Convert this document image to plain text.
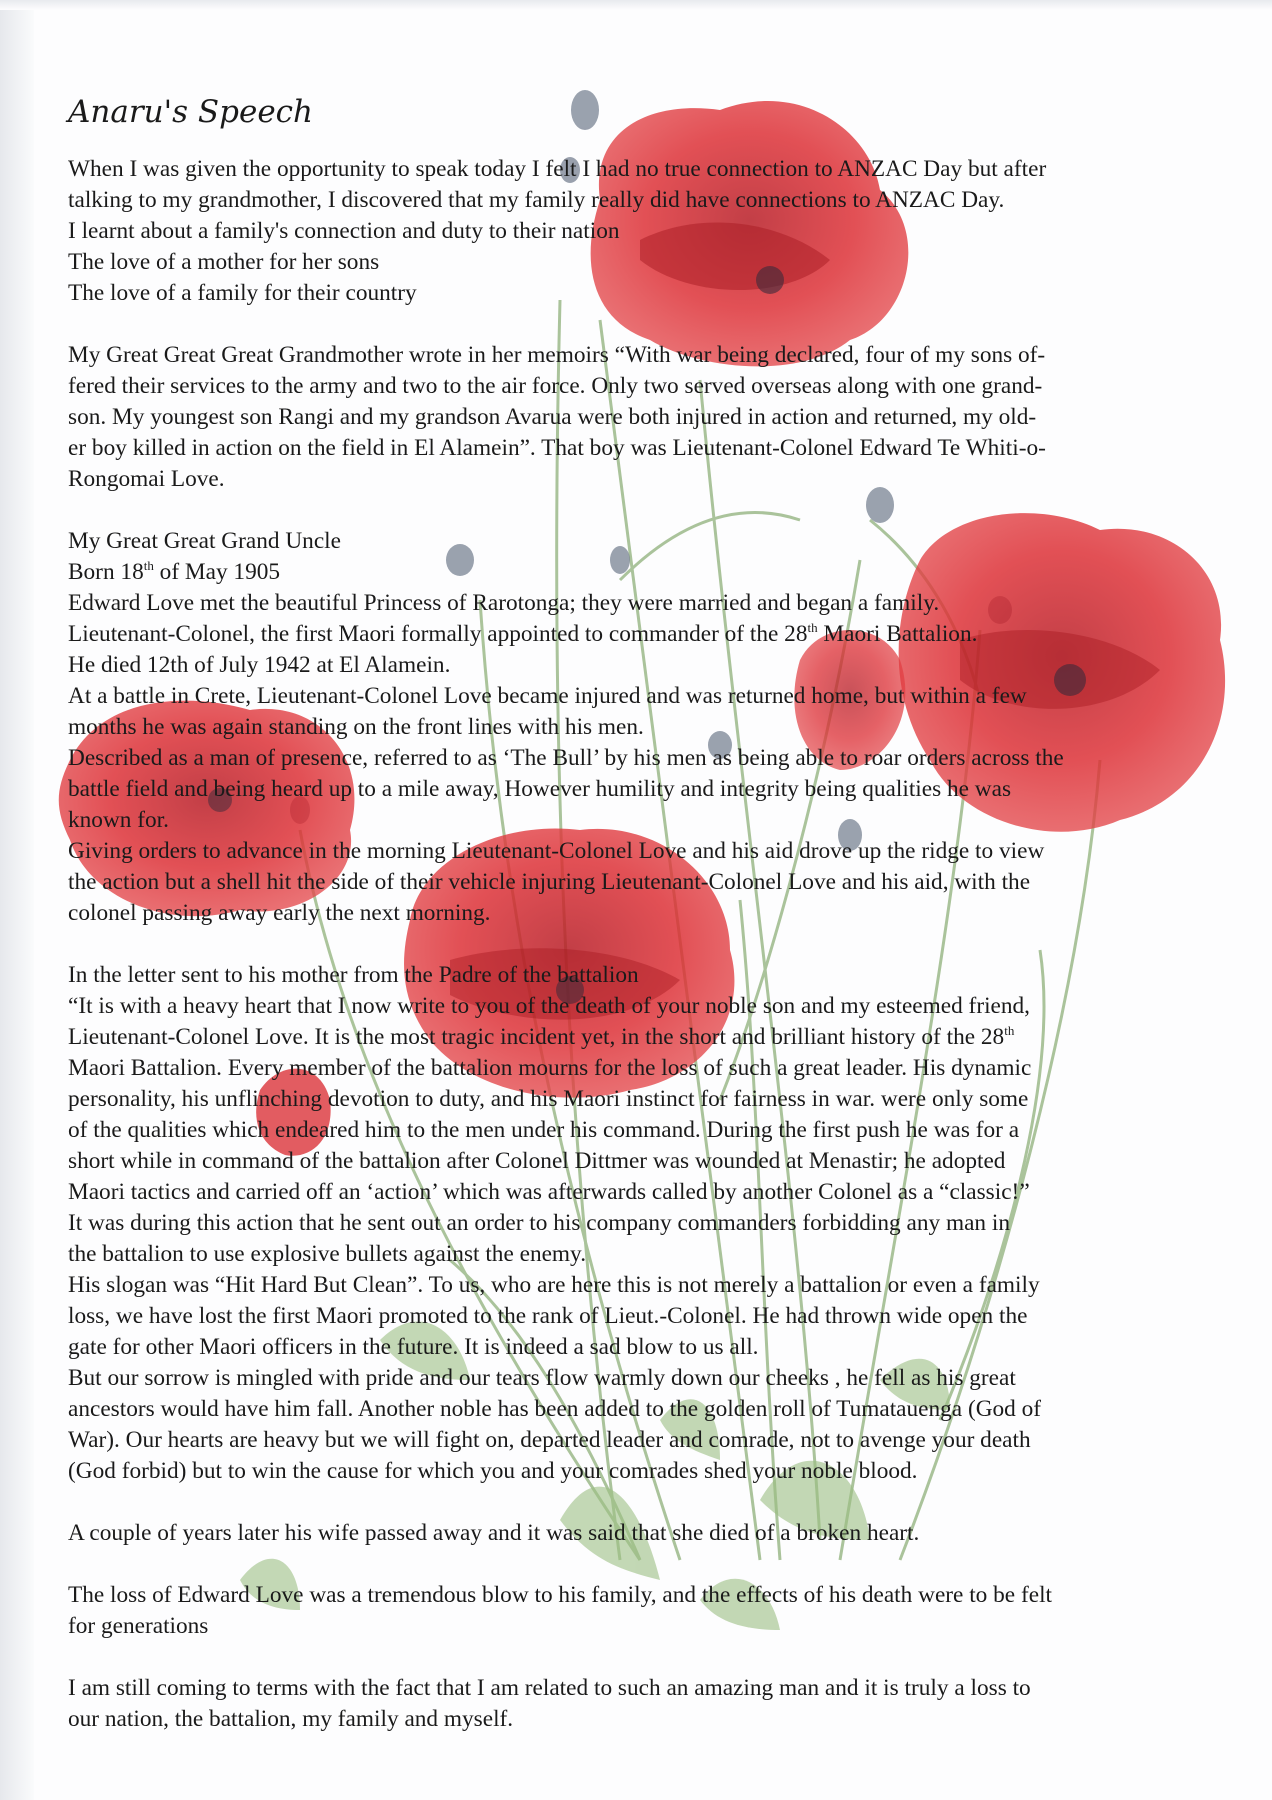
Anaru's Speech
When I was given the opportunity to speak today I felt I had no true connection to ANZAC Day but after
talking to my grandmother, I discovered that my family really did have connections to ANZAC Day.
I learnt about a family's connection and duty to their nation
The love of a mother for her sons
The love of a family for their country
My Great Great Great Grandmother wrote in her memoirs “With war being declared, four of my sons of-
fered their services to the army and two to the air force. Only two served overseas along with one grand-
son. My youngest son Rangi and my grandson Avarua were both injured in action and returned, my old-
er boy killed in action on the field in El Alamein”. That boy was Lieutenant-Colonel Edward Te Whiti-o-
Rongomai Love.
My Great Great Grand Uncle
Born 18th of May 1905
Edward Love met the beautiful Princess of Rarotonga; they were married and began a family.
Lieutenant-Colonel, the first Maori formally appointed to commander of the 28th Maori Battalion.
He died 12th of July 1942 at El Alamein.
At a battle in Crete, Lieutenant-Colonel Love became injured and was returned home, but within a few
months he was again standing on the front lines with his men.
Described as a man of presence, referred to as ‘The Bull’ by his men as being able to roar orders across the
battle field and being heard up to a mile away, However humility and integrity being qualities he was
known for.
Giving orders to advance in the morning Lieutenant-Colonel Love and his aid drove up the ridge to view
the action but a shell hit the side of their vehicle injuring Lieutenant-Colonel Love and his aid, with the
colonel passing away early the next morning.
In the letter sent to his mother from the Padre of the battalion
“It is with a heavy heart that I now write to you of the death of your noble son and my esteemed friend,
Lieutenant-Colonel Love. It is the most tragic incident yet, in the short and brilliant history of the 28th
Maori Battalion. Every member of the battalion mourns for the loss of such a great leader. His dynamic
personality, his unflinching devotion to duty, and his Maori instinct for fairness in war. were only some
of the qualities which endeared him to the men under his command. During the first push he was for a
short while in command of the battalion after Colonel Dittmer was wounded at Menastir; he adopted
Maori tactics and carried off an ‘action’ which was afterwards called by another Colonel as a “classic!”
It was during this action that he sent out an order to his company commanders forbidding any man in
the battalion to use explosive bullets against the enemy.
His slogan was “Hit Hard But Clean”. To us, who are here this is not merely a battalion or even a family
loss, we have lost the first Maori promoted to the rank of Lieut.-Colonel. He had thrown wide open the
gate for other Maori officers in the future. It is indeed a sad blow to us all.
But our sorrow is mingled with pride and our tears flow warmly down our cheeks , he fell as his great
ancestors would have him fall. Another noble has been added to the golden roll of Tumatauenga (God of
War). Our hearts are heavy but we will fight on, departed leader and comrade, not to avenge your death
(God forbid) but to win the cause for which you and your comrades shed your noble blood.
A couple of years later his wife passed away and it was said that she died of a broken heart.
The loss of Edward Love was a tremendous blow to his family, and the effects of his death were to be felt
for generations
I am still coming to terms with the fact that I am related to such an amazing man and it is truly a loss to
our nation, the battalion, my family and myself.
